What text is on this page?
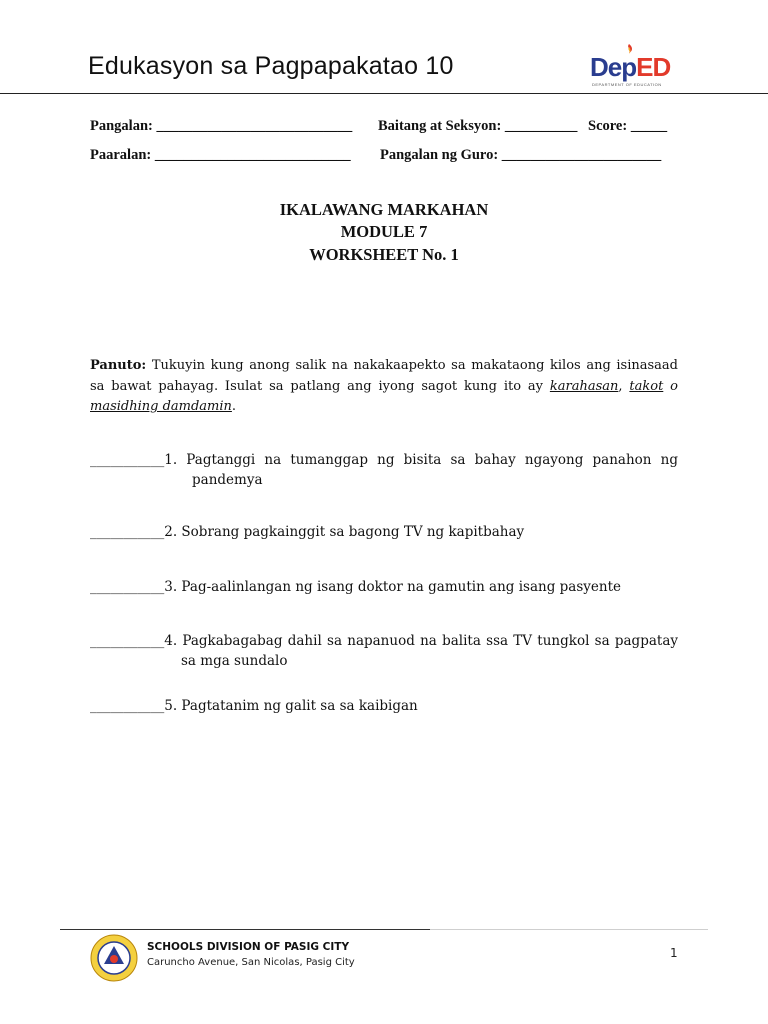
Edukasyon sa Pagpapakatao 10	DepED
DEPARTMENT OF EDUCATION
Pangalan: ___________________________ Baitang at Seksyon: __________ Score: _____
Paaralan: ___________________________ Pangalan ng Guro: ______________________
IKALAWANG MARKAHAN
MODULE 7
WORKSHEET No. 1
Panuto: Tukuyin kung anong salik na nakakaapekto sa makataong kilos ang isinasaad sa bawat pahayag. Isulat sa patlang ang iyong sagot kung ito ay karahasan, takot o masidhing damdamin.
___________1. Pagtanggi na tumanggap ng bisita sa bahay ngayong panahon ng
pandemya
___________2. Sobrang pagkainggit sa bagong TV ng kapitbahay
___________3. Pag-aalinlangan ng isang doktor na gamutin ang isang pasyente
___________4. Pagkabagabag dahil sa napanuod na balita ssa TV tungkol sa pagpatay
sa mga sundalo
___________5. Pagtatanim ng galit sa sa kaibigan
SCHOOLS DIVISION OF PASIG CITY
Caruncho Avenue, San Nicolas, Pasig City
1
